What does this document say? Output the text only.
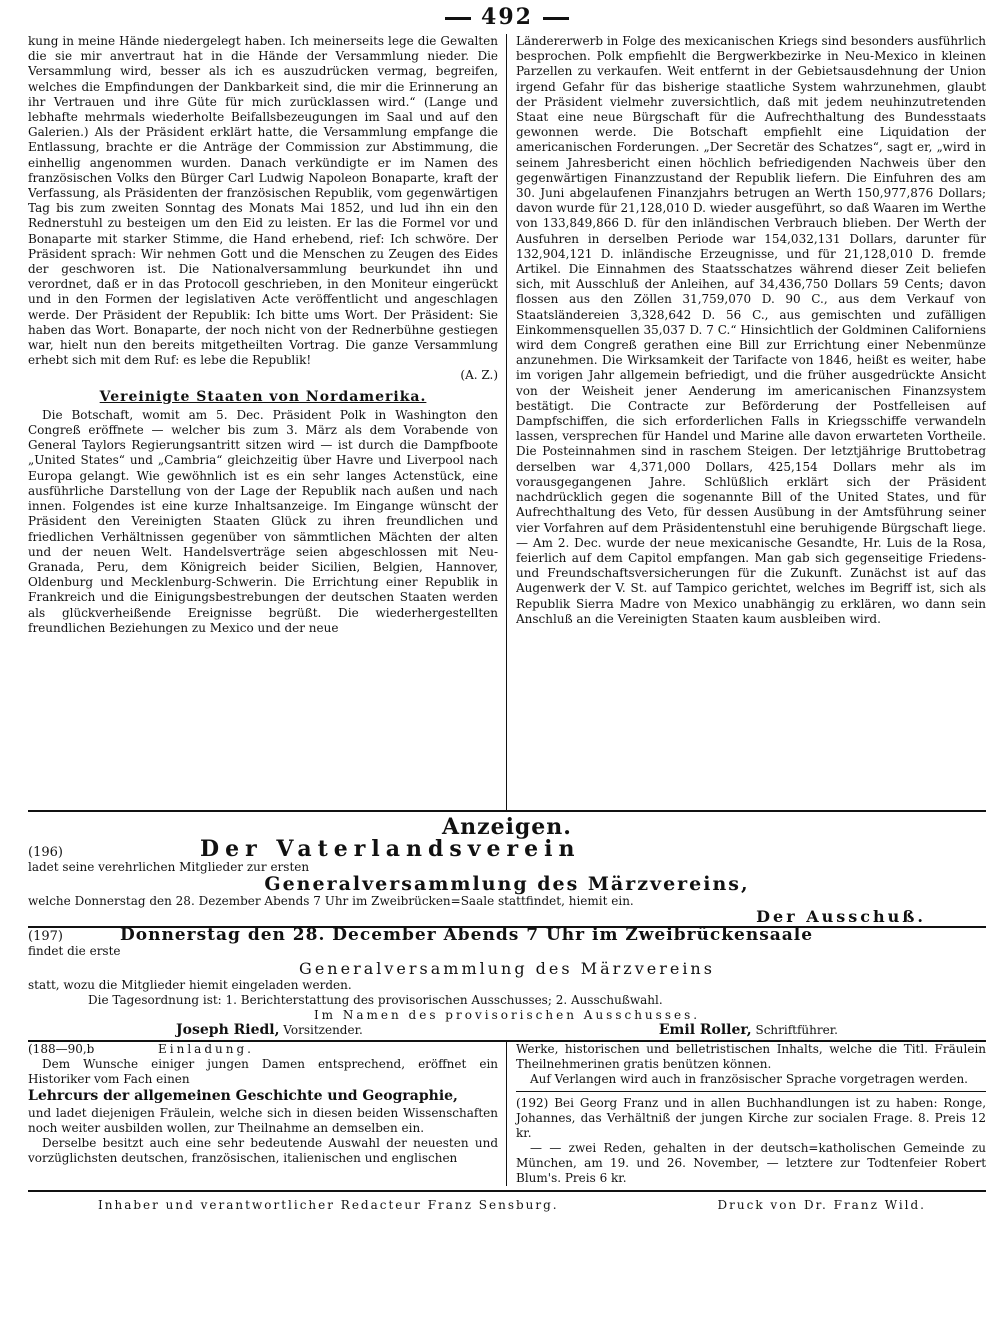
492

kung in meine Hände niedergelegt haben. Ich meinerseits lege die Gewalten die sie mir anvertraut hat in die Hände der Versammlung nieder. Die Versammlung wird, besser als ich es auszudrücken vermag, begreifen, welches die Empfindungen der Dankbarkeit sind, die mir die Erinnerung an ihr Vertrauen und ihre Güte für mich zurücklassen wird.“ (Lange und lebhafte mehrmals wiederholte Beifallsbezeugungen im Saal und auf den Galerien.) Als der Präsident erklärt hatte, die Versammlung empfange die Entlassung, brachte er die Anträge der Commission zur Abstimmung, die einhellig angenommen wurden. Danach verkündigte er im Namen des französischen Volks den Bürger Carl Ludwig Napoleon Bonaparte, kraft der Verfassung, als Präsidenten der französischen Republik, vom gegenwärtigen Tag bis zum zweiten Sonntag des Monats Mai 1852, und lud ihn ein den Rednerstuhl zu besteigen um den Eid zu leisten. Er las die Formel vor und Bonaparte mit starker Stimme, die Hand erhebend, rief: Ich schwöre. Der Präsident sprach: Wir nehmen Gott und die Menschen zu Zeugen des Eides der geschworen ist. Die Nationalversammlung beurkundet ihn und verordnet, daß er in das Protocoll geschrieben, in den Moniteur eingerückt und in den Formen der legislativen Acte veröffentlicht und angeschlagen werde. Der Präsident der Republik: Ich bitte ums Wort. Der Präsident: Sie haben das Wort. Bonaparte, der noch nicht von der Rednerbühne gestiegen war, hielt nun den bereits mitgetheilten Vortrag. Die ganze Versammlung erhebt sich mit dem Ruf: es lebe die Republik!

(A. Z.)

Vereinigte Staaten von Nordamerika.

Die Botschaft, womit am 5. Dec. Präsident Polk in Washington den Congreß eröffnete — welcher bis zum 3. März als dem Vorabende von General Taylors Regierungsantritt sitzen wird — ist durch die Dampfboote „United States“ und „Cambria“ gleichzeitig über Havre und Liverpool nach Europa gelangt. Wie gewöhnlich ist es ein sehr langes Actenstück, eine ausführliche Darstellung von der Lage der Republik nach außen und nach innen. Folgendes ist eine kurze Inhaltsanzeige. Im Eingange wünscht der Präsident den Vereinigten Staaten Glück zu ihren freundlichen und friedlichen Verhältnissen gegenüber von sämmtlichen Mächten der alten und der neuen Welt. Handelsverträge seien abgeschlossen mit Neu-Granada, Peru, dem Königreich beider Sicilien, Belgien, Hannover, Oldenburg und Mecklenburg-Schwerin. Die Errichtung einer Republik in Frankreich und die Einigungsbestrebungen der deutschen Staaten werden als glückverheißende Ereignisse begrüßt. Die wiederhergestellten freundlichen Beziehungen zu Mexico und der neue

Ländererwerb in Folge des mexicanischen Kriegs sind besonders ausführlich besprochen. Polk empfiehlt die Bergwerkbezirke in Neu-Mexico in kleinen Parzellen zu verkaufen. Weit entfernt in der Gebietsausdehnung der Union irgend Gefahr für das bisherige staatliche System wahrzunehmen, glaubt der Präsident vielmehr zuversichtlich, daß mit jedem neuhinzutretenden Staat eine neue Bürgschaft für die Aufrechthaltung des Bundesstaats gewonnen werde. Die Botschaft empfiehlt eine Liquidation der americanischen Forderungen. „Der Secretär des Schatzes“, sagt er, „wird in seinem Jahresbericht einen höchlich befriedigenden Nachweis über den gegenwärtigen Finanzzustand der Republik liefern. Die Einfuhren des am 30. Juni abgelaufenen Finanzjahrs betrugen an Werth 150,977,876 Dollars; davon wurde für 21,128,010 D. wieder ausgeführt, so daß Waaren im Werthe von 133,849,866 D. für den inländischen Verbrauch blieben. Der Werth der Ausfuhren in derselben Periode war 154,032,131 Dollars, darunter für 132,904,121 D. inländische Erzeugnisse, und für 21,128,010 D. fremde Artikel. Die Einnahmen des Staatsschatzes während dieser Zeit beliefen sich, mit Ausschluß der Anleihen, auf 34,436,750 Dollars 59 Cents; davon flossen aus den Zöllen 31,759,070 D. 90 C., aus dem Verkauf von Staatsländereien 3,328,642 D. 56 C., aus gemischten und zufälligen Einkommensquellen 35,037 D. 7 C.“ Hinsichtlich der Goldminen Californiens wird dem Congreß gerathen eine Bill zur Errichtung einer Nebenmünze anzunehmen. Die Wirksamkeit der Tarifacte von 1846, heißt es weiter, habe im vorigen Jahr allgemein befriedigt, und die früher ausgedrückte Ansicht von der Weisheit jener Aenderung im americanischen Finanzsystem bestätigt. Die Contracte zur Beförderung der Postfelleisen auf Dampfschiffen, die sich erforderlichen Falls in Kriegsschiffe verwandeln lassen, versprechen für Handel und Marine alle davon erwarteten Vortheile. Die Posteinnahmen sind in raschem Steigen. Der letztjährige Bruttobetrag derselben war 4,371,000 Dollars, 425,154 Dollars mehr als im vorausgegangenen Jahre. Schlüßlich erklärt sich der Präsident nachdrücklich gegen die sogenannte Bill of the United States, und für Aufrechthaltung des Veto, für dessen Ausübung in der Amtsführung seiner vier Vorfahren auf dem Präsidentenstuhl eine beruhigende Bürgschaft liege. — Am 2. Dec. wurde der neue mexicanische Gesandte, Hr. Luis de la Rosa, feierlich auf dem Capitol empfangen. Man gab sich gegenseitige Friedens- und Freundschaftsversicherungen für die Zukunft. Zunächst ist auf das Augenwerk der V. St. auf Tampico gerichtet, welches im Begriff ist, sich als Republik Sierra Madre von Mexico unabhängig zu erklären, wo dann sein Anschluß an die Vereinigten Staaten kaum ausbleiben wird.

Anzeigen.
(196)	Der Vaterlandsverein
ladet seine verehrlichen Mitglieder zur ersten
Generalversammlung des Märzvereins,
welche Donnerstag den 28. Dezember Abends 7 Uhr im Zweibrücken=Saale stattfindet, hiemit ein.
Der Ausschuß.
(197)	Donnerstag den 28. December Abends 7 Uhr im Zweibrückensaale
findet die erste
Generalversammlung des Märzvereins
statt, wozu die Mitglieder hiemit eingeladen werden.
Die Tagesordnung ist: 1. Berichterstattung des provisorischen Ausschusses; 2. Ausschußwahl.
Im Namen des provisorischen Ausschusses.
Joseph Riedl, Vorsitzender.	Emil Roller, Schriftführer.
(188—90,b	Einladung.
Dem Wunsche einiger jungen Damen entsprechend, eröffnet ein Historiker vom Fach einen
Lehrcurs der allgemeinen Geschichte und Geographie,
und ladet diejenigen Fräulein, welche sich in diesen beiden Wissenschaften noch weiter ausbilden wollen, zur Theilnahme an demselben ein.
Derselbe besitzt auch eine sehr bedeutende Auswahl der neuesten und vorzüglichsten deutschen, französischen, italienischen und englischen
Werke, historischen und belletristischen Inhalts, welche die Titl. Fräulein Theilnehmerinen gratis benützen können.
Auf Verlangen wird auch in französischer Sprache vorgetragen werden.
(192) Bei Georg Franz und in allen Buchhandlungen ist zu haben: Ronge, Johannes, das Verhältniß der jungen Kirche zur socialen Frage. 8. Preis 12 kr.
— — zwei Reden, gehalten in der deutsch=katholischen Gemeinde zu München, am 19. und 26. November, — letztere zur Todtenfeier Robert Blum's. Preis 6 kr.
Inhaber und verantwortlicher Redacteur Franz Sensburg.	Druck von Dr. Franz Wild.
